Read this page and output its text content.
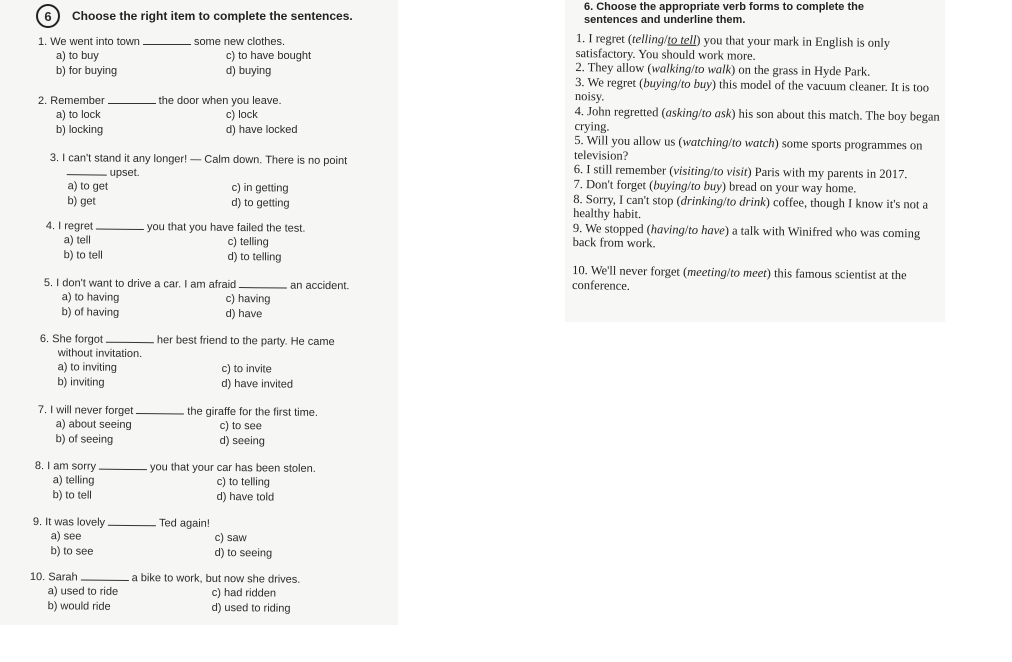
6	Choose the right item to complete the sentences.
1. We went into town	some new clothes.
a) to buy
b) for buying
c) to have bought
d) buying
2. Remember	the door when you leave.
a) to lock
b) locking
c) lock
d) have locked
3. I can't stand it any longer! — Calm down. There is no point
upset.
a) to get
b) get
c) in getting
d) to getting
4. I regret	you that you have failed the test.
a) tell
b) to tell
c) telling
d) to telling
5. I don't want to drive a car. I am afraid	an accident.
a) to having
b) of having
c) having
d) have
6. She forgot	her best friend to the party. He came
without invitation.
a) to inviting
b) inviting
c) to invite
d) have invited
7. I will never forget	the giraffe for the first time.
a) about seeing
b) of seeing
c) to see
d) seeing
8. I am sorry	you that your car has been stolen.
a) telling
b) to tell
c) to telling
d) have told
9. It was lovely	Ted again!
a) see
b) to see
c) saw
d) to seeing
10. Sarah	a bike to work, but now she drives.
a) used to ride
b) would ride
c) had ridden
d) used to riding
6. Choose the appropriate verb forms to complete the
sentences and underline them.

1. I regret (telling/to tell) you that your mark in English is only satisfactory. You should work more.

2. They allow (walking/to walk) on the grass in Hyde Park.

3. We regret (buying/to buy) this model of the vacuum cleaner. It is too noisy.

4. John regretted (asking/to ask) his son about this match. The boy began crying.

5. Will you allow us (watching/to watch) some sports programmes on television?

6. I still remember (visiting/to visit) Paris with my parents in 2017.

7. Don't forget (buying/to buy) bread on your way home.

8. Sorry, I can't stop (drinking/to drink) coffee, though I know it's not a healthy habit.

9. We stopped (having/to have) a talk with Winifred who was coming back from work.

10. We'll never forget (meeting/to meet) this famous scientist at the conference.
